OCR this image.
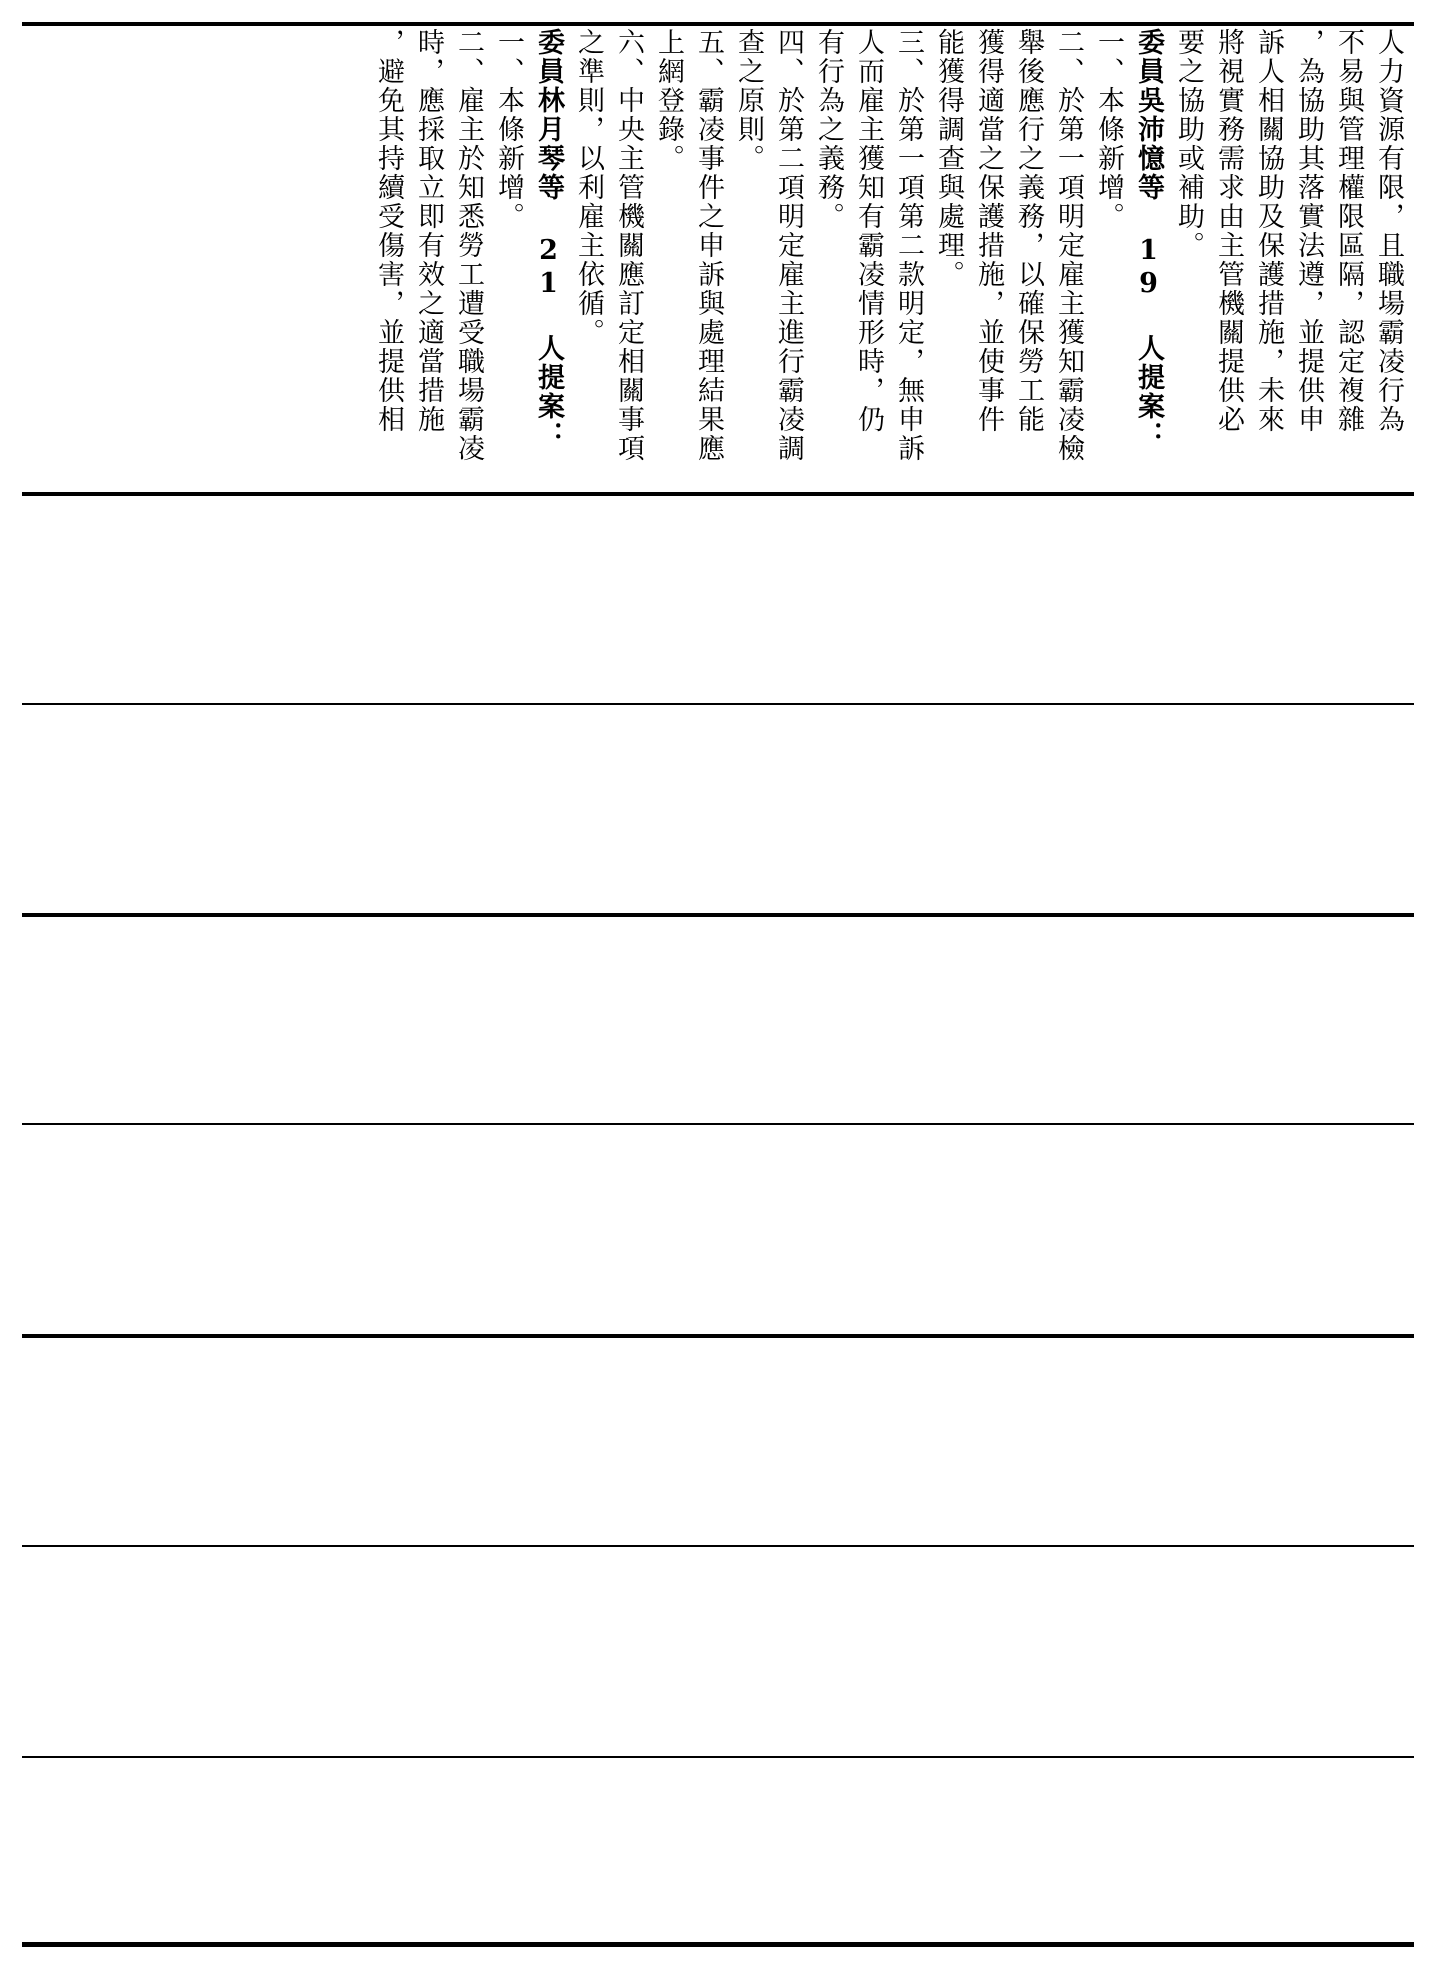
人力資源有限，且職場霸凌行為
不易與管理權限區隔，認定複雜
，為協助其落實法遵，並提供申
訴人相關協助及保護措施，未來
將視實務需求由主管機關提供必
要之協助或補助。
委員吳沛憶等 19 人提案：
一、本條新增。
二、於第一項明定雇主獲知霸凌檢
舉後應行之義務，以確保勞工能
獲得適當之保護措施，並使事件
能獲得調查與處理。
三、於第一項第二款明定，無申訴
人而雇主獲知有霸凌情形時，仍
有行為之義務。
四、於第二項明定雇主進行霸凌調
查之原則。
五、霸凌事件之申訴與處理結果應
上網登錄。
六、中央主管機關應訂定相關事項
之準則，以利雇主依循。
委員林月琴等 21 人提案：
一、本條新增。
二、雇主於知悉勞工遭受職場霸凌
時，應採取立即有效之適當措施
，避免其持續受傷害，並提供相
